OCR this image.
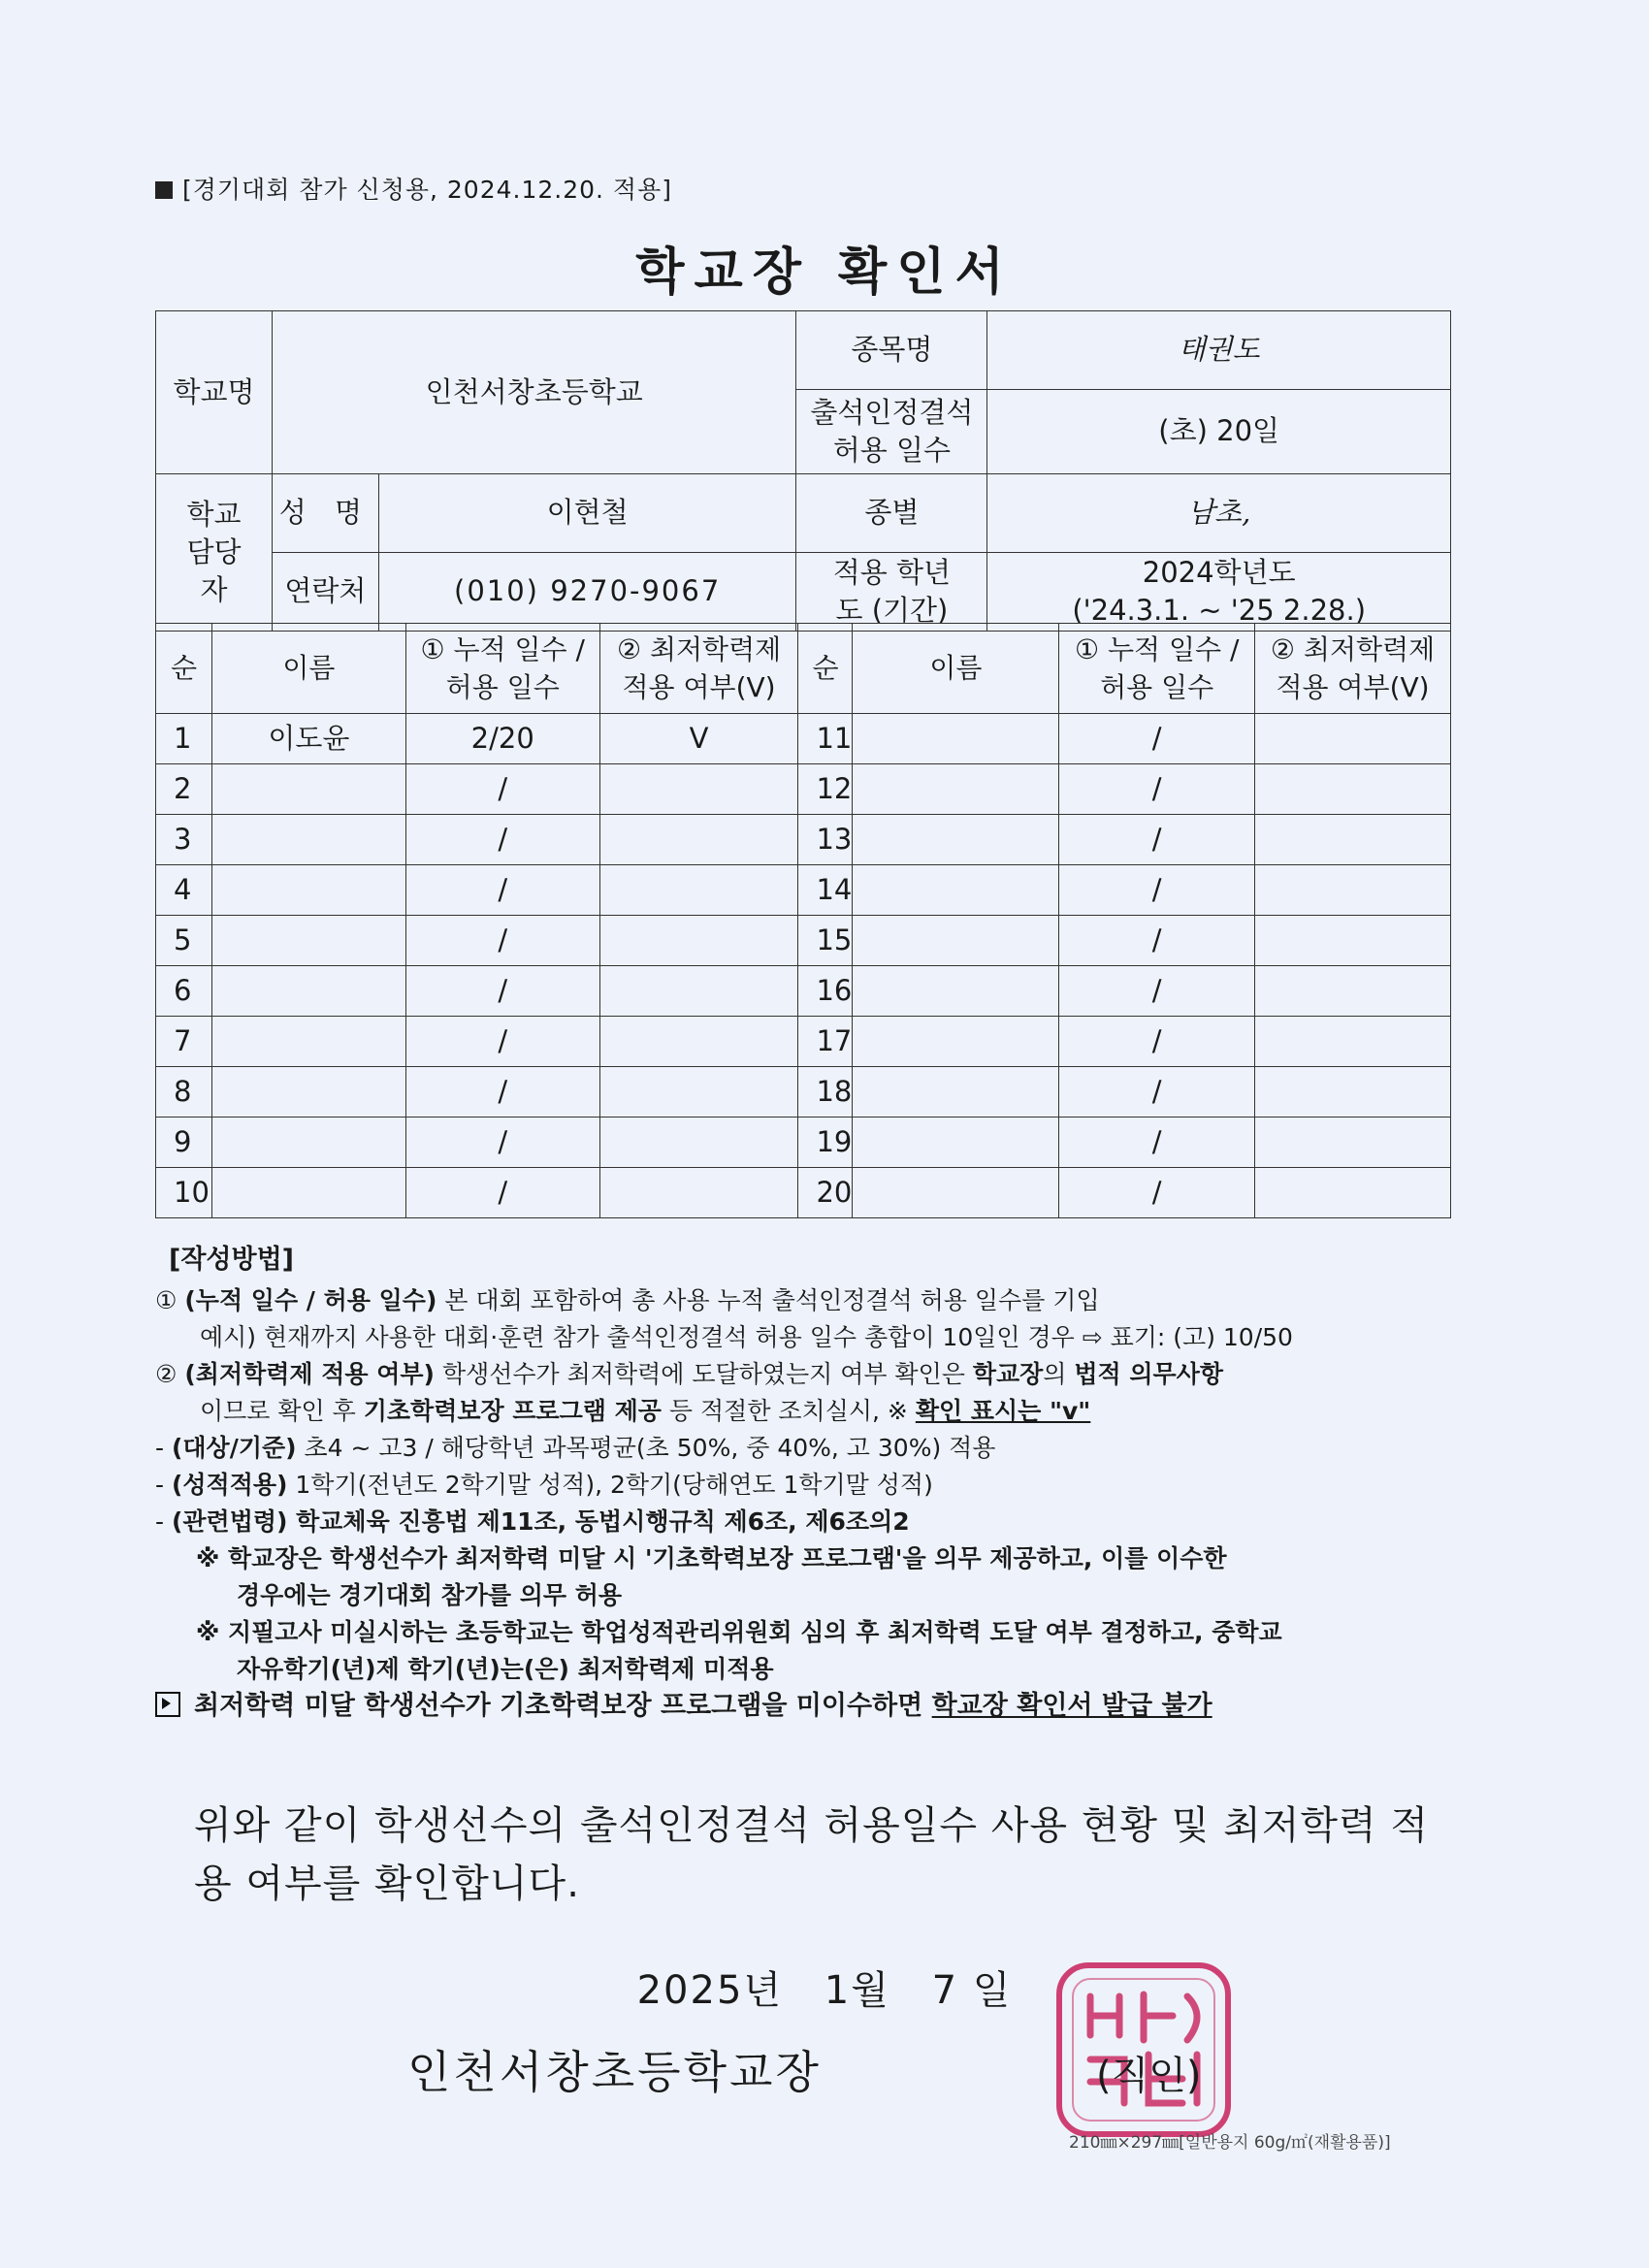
[경기대회 참가 신청용, 2024.12.20. 적용]
학교장 확인서
학교명	인천서창초등학교		종목명	태권도
			출석인정결석 허용 일수	(초) 20일
학교 담당자	성 명	이현철	종별	남초,
	연락처	(010) 9270-9067	적용 학년도 (기간)	2024학년도
('24.3.1. ~ '25 2.28.)
순	이름	① 누적 일수 / 허용 일수	② 최저학력제 적용 여부(V)	순	이름	① 누적 일수 / 허용 일수	② 최저학력제 적용 여부(V)
1	이도윤	2/20	V	11		/	
2		/		12		/	
3		/		13		/	
4		/		14		/	
5		/		15		/	
6		/		16		/	
7		/		17		/	
8		/		18		/	
9		/		19		/	
10		/		20		/	
[작성방법]

① (누적 일수 / 허용 일수) 본 대회 포함하여 총 사용 누적 출석인정결석 허용 일수를 기입

예시) 현재까지 사용한 대회·훈련 참가 출석인정결석 허용 일수 총합이 10일인 경우 ⇨ 표기: (고) 10/50

② (최저학력제 적용 여부) 학생선수가 최저학력에 도달하였는지 여부 확인은 학교장의 법적 의무사항

이므로 확인 후 기초학력보장 프로그램 제공 등 적절한 조치실시, ※ 확인 표시는 "v"

- (대상/기준) 초4 ~ 고3 / 해당학년 과목평균(초 50%, 중 40%, 고 30%) 적용

- (성적적용) 1학기(전년도 2학기말 성적), 2학기(당해연도 1학기말 성적)

- (관련법령) 학교체육 진흥법 제11조, 동법시행규칙 제6조, 제6조의2

※ 학교장은 학생선수가 최저학력 미달 시 '기초학력보장 프로그램'을 의무 제공하고, 이를 이수한

경우에는 경기대회 참가를 의무 허용

※ 지필고사 미실시하는 초등학교는 학업성적관리위원회 심의 후 최저학력 도달 여부 결정하고, 중학교

자유학기(년)제 학기(년)는(은) 최저학력제 미적용

최저학력 미달 학생선수가 기초학력보장 프로그램을 미이수하면 학교장 확인서 발급 불가

위와 같이 학생선수의 출석인정결석 허용일수 사용 현황 및 최저학력 적용 여부를 확인합니다.
2025년 1월 7 일
인천서창초등학교장	(직인)
210㎜×297㎜[일반용지 60g/㎡(재활용품)]
